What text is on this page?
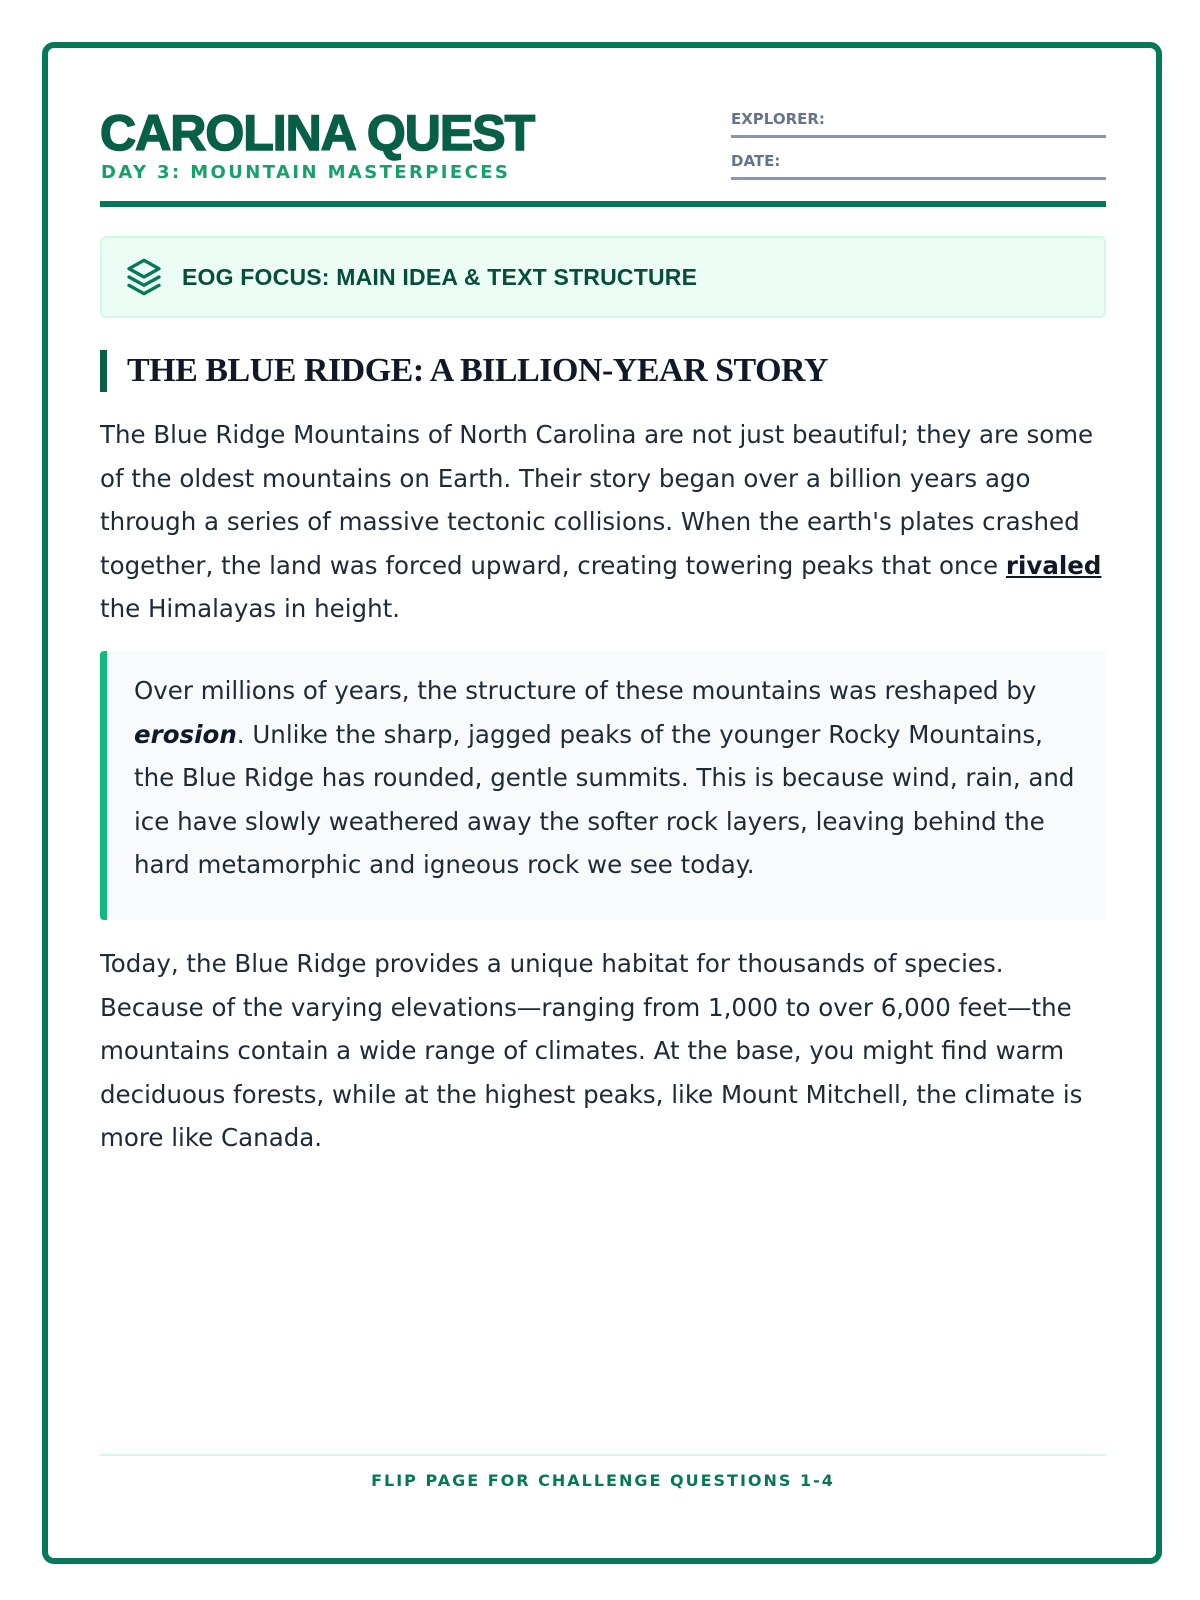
CAROLINA QUEST
DAY 3: MOUNTAIN MASTERPIECES
EXPLORER:
DATE:
EOG FOCUS: MAIN IDEA & TEXT STRUCTURE
THE BLUE RIDGE: A BILLION-YEAR STORY

The Blue Ridge Mountains of North Carolina are not just beautiful; they are some of the oldest mountains on Earth. Their story began over a billion years ago through a series of massive tectonic collisions. When the earth's plates crashed together, the land was forced upward, creating towering peaks that once rivaled the Himalayas in height.

Over millions of years, the structure of these mountains was reshaped by erosion. Unlike the sharp, jagged peaks of the younger Rocky Mountains, the Blue Ridge has rounded, gentle summits. This is because wind, rain, and ice have slowly weathered away the softer rock layers, leaving behind the hard metamorphic and igneous rock we see today.

Today, the Blue Ridge provides a unique habitat for thousands of species. Because of the varying elevations—ranging from 1,000 to over 6,000 feet—the mountains contain a wide range of climates. At the base, you might find warm deciduous forests, while at the highest peaks, like Mount Mitchell, the climate is more like Canada.

FLIP PAGE FOR CHALLENGE QUESTIONS 1-4
